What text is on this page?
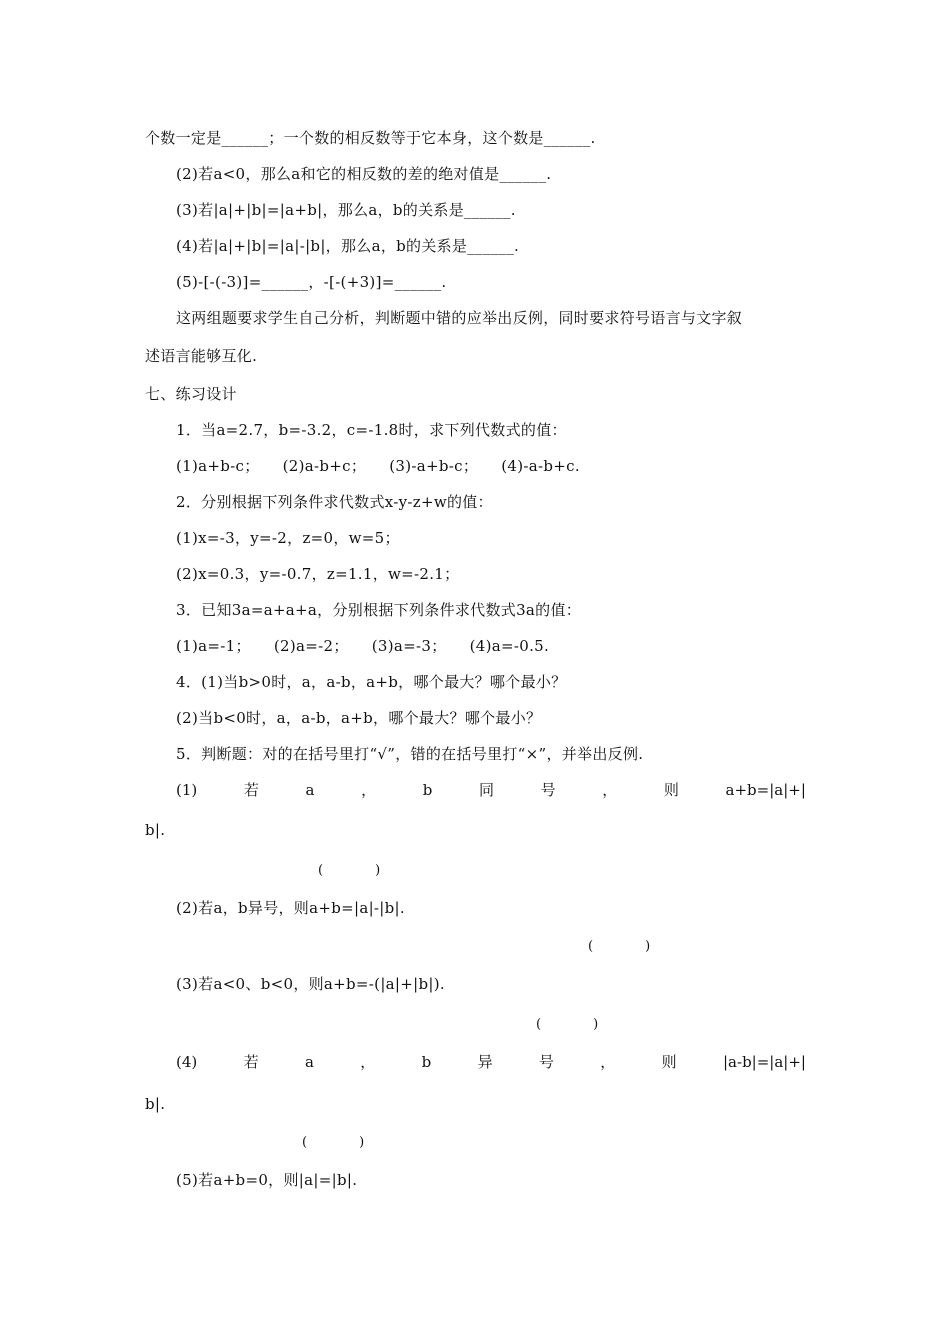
个数一定是______；一个数的相反数等于它本身，这个数是______.
(2)若a<0，那么a和它的相反数的差的绝对值是______.
(3)若|a|+|b|=|a+b|，那么a，b的关系是______.
(4)若|a|+|b|=|a|-|b|，那么a，b的关系是______.
(5)-[-(-3)]=______，-[-(+3)]=______.
这两组题要求学生自己分析，判断题中错的应举出反例，同时要求符号语言与文字叙
述语言能够互化.
七、练习设计
1．当a=2.7，b=-3.2，c=-1.8时，求下列代数式的值：
(1)a+b-c；　　(2)a-b+c；　　(3)-a+b-c；　　(4)-a-b+c.
2．分别根据下列条件求代数式x-y-z+w的值：
(1)x=-3，y=-2，z=0，w=5；
(2)x=0.3，y=-0.7，z=1.1，w=-2.1；
3．已知3a=a+a+a，分别根据下列条件求代数式3a的值：
(1)a=-1；　　(2)a=-2；　　(3)a=-3；　　(4)a=-0.5.
4．(1)当b>0时，a，a-b，a+b，哪个最大？哪个最小？
(2)当b<0时，a，a-b，a+b，哪个最大？哪个最小？
5．判断题：对的在括号里打“√”，错的在括号里打“×”，并举出反例.
(1)	若	a	，	b	同	号	，	则	a+b=|a|+|
b|.
(　　　　)
(2)若a，b异号，则a+b=|a|-|b|.
(　　　　)
(3)若a<0、b<0，则a+b=-(|a|+|b|).
(　　　　)
(4)	若	a	，	b	异	号	，	则	|a-b|=|a|+|
b|.
(　　　　)
(5)若a+b=0，则|a|=|b|.
